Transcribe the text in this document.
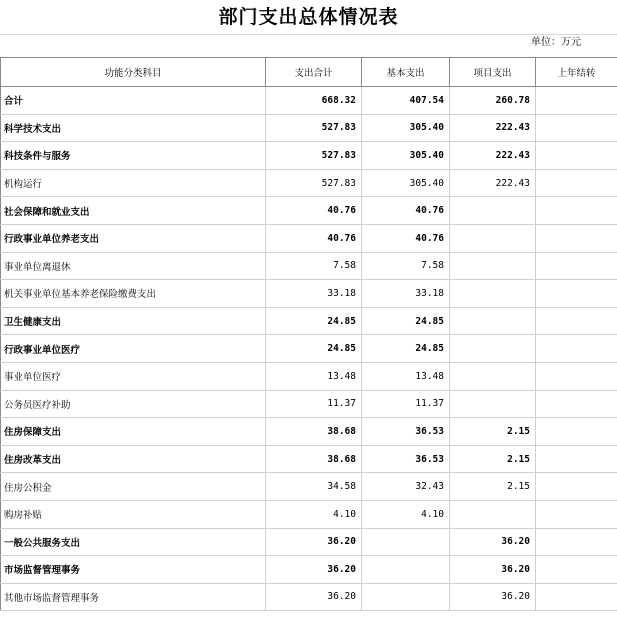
部门支出总体情况表
单位：万元
功能分类科目	支出合计	基本支出	项目支出	上年结转
合计	668.32	407.54	260.78	
科学技术支出	527.83	305.40	222.43	
科技条件与服务	527.83	305.40	222.43	
机构运行	527.83	305.40	222.43	
社会保障和就业支出	40.76	40.76		
行政事业单位养老支出	40.76	40.76		
事业单位离退休	7.58	7.58		
机关事业单位基本养老保险缴费支出	33.18	33.18		
卫生健康支出	24.85	24.85		
行政事业单位医疗	24.85	24.85		
事业单位医疗	13.48	13.48		
公务员医疗补助	11.37	11.37		
住房保障支出	38.68	36.53	2.15	
住房改革支出	38.68	36.53	2.15	
住房公积金	34.58	32.43	2.15	
购房补贴	4.10	4.10		
一般公共服务支出	36.20		36.20	
市场监督管理事务	36.20		36.20	
其他市场监督管理事务	36.20		36.20	
